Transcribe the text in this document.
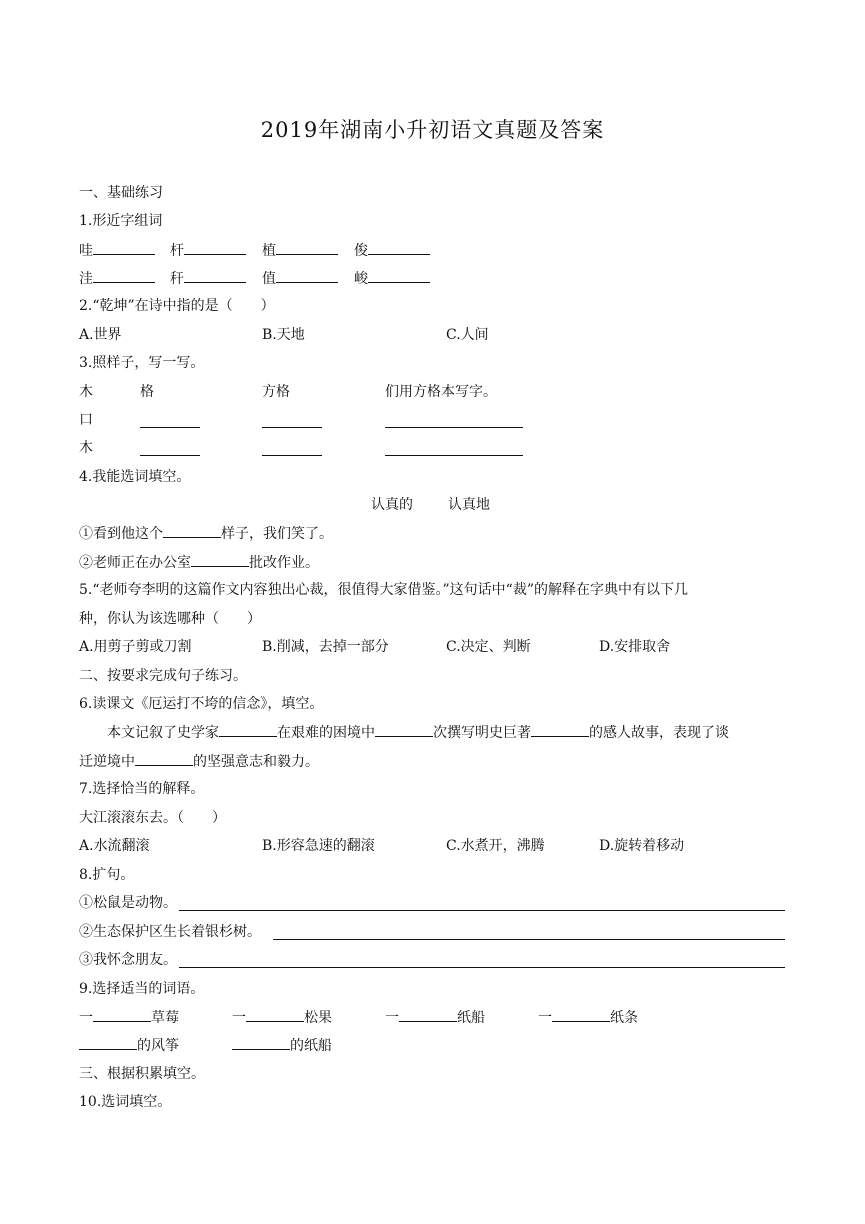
2019年湖南小升初语文真题及答案
一、基础练习
1.形近字组词
哇	杆	植	俊
洼	秆	值	峻
2.“乾坤”在诗中指的是（　　）
A.世界	B.天地	C.人间
3.照样子，写一写。
木	格	方格	们用方格本写字。
口
木
4.我能选词填空。
认真的	认真地
①看到他这个	样子，我们笑了。
②老师正在办公室	批改作业。
5.“老师夸李明的这篇作文内容独出心裁，很值得大家借鉴。”这句话中“裁”的解释在字典中有以下几
种，你认为该选哪种（　　）
A.用剪子剪或刀割	B.削减，去掉一部分	C.决定、判断	D.安排取舍
二、按要求完成句子练习。
6.读课文《厄运打不垮的信念》，填空。
本文记叙了史学家	在艰难的困境中	次撰写明史巨著	的感人故事，表现了谈
迁逆境中	的坚强意志和毅力。
7.选择恰当的解释。
大江滚滚东去。（　　）
A.水流翻滚	B.形容急速的翻滚	C.水煮开，沸腾	D.旋转着移动
8.扩句。
①松鼠是动物。
②生态保护区生长着银杉树。
③我怀念朋友。
9.选择适当的词语。
一	草莓	一	松果	一	纸船	一	纸条
的风筝	的纸船
三、根据积累填空。
10.选词填空。
